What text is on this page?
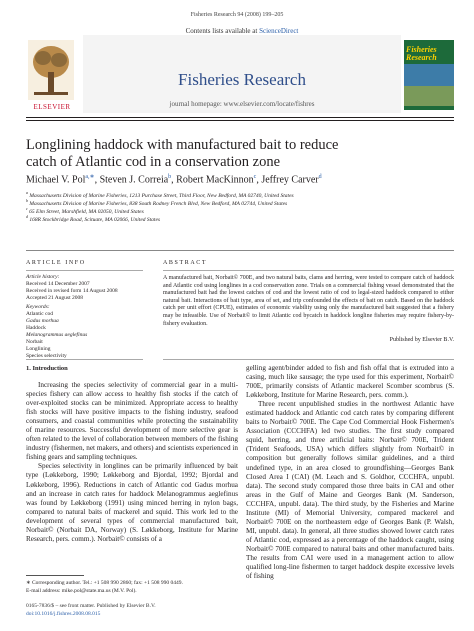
Fisheries Research 94 (2008) 199–205
Contents lists available at ScienceDirect
Fisheries Research
journal homepage: www.elsevier.com/locate/fishres
ELSEVIER
Fisheries Research
Longlining haddock with manufactured bait to reduce catch of Atlantic cod in a conservation zone
Michael V. Pol$^{a,∗}$, Steven J. Correia$^b$, Robert MacKinnon$^c$, Jeffrey Carver$^d$
$^a$ Massachusetts Division of Marine Fisheries, 1213 Purchase Street, Third Floor, New Bedford, MA 02740, United States
$^b$ Massachusetts Division of Marine Fisheries, 838 South Rodney French Blvd, New Bedford, MA 02744, United States
$^c$ 65 Elm Street, Marshfield, MA 02050, United States
$^d$ 168R Stockbridge Road, Scituate, MA 02066, United States
ARTICLE INFO	ABSTRACT
Article history:
Received 14 December 2007
Received in revised form 14 August 2008
Accepted 21 August 2008
Keywords:
Atlantic cod
Gadus morhua
Haddock
Melanogrammus aeglefinus
Norbait
Longlining
Species selectivity
A manufactured bait, Norbait© 700E, and two natural baits, clams and herring, were tested to compare catch of haddock and Atlantic cod using longlines in a cod conservation zone. Trials on a commercial fishing vessel demonstrated that the manufactured bait had the lowest catches of cod and the lowest ratio of cod to legal-sized haddock compared to either natural bait. Interactions of bait type, area of set, and trip confounded the effects of bait on catch. Based on the haddock catch per unit effort (CPUE), estimates of economic viability using only the manufactured bait suggested that a fishery may be infeasible. Use of Norbait© to limit Atlantic cod bycatch in haddock longline fisheries may require fishery-by-fishery evaluation.
Published by Elsevier B.V.
1. Introduction

Increasing the species selectivity of commercial gear in a multi-species fishery can allow access to healthy fish stocks if the catch of over-exploited stocks can be minimized. Appropriate access to healthy fish stocks will have positive impacts to the fishing industry, seafood consumers, and coastal communities while protecting the sustainability of marine resources. Successful development of more selective gear is often related to the level of collaboration between members of the fishing industry (fishermen, net makers, and others) and scientists experienced in fishing gears and sampling techniques.

Species selectivity in longlines can be primarily influenced by bait type (Løkkeborg, 1990; Løkkeborg and Bjordal, 1992; Bjordal and Løkkeborg, 1996). Reductions in catch of Atlantic cod Gadus morhua and an increase in catch rates for haddock Melanogrammus aeglefinus was found by Løkkeborg (1991) using minced herring in nylon bags, compared to natural baits of mackerel and squid. This work led to the development of several types of commercial manufactured bait, Norbait© (Norbait DA, Norway) (S. Løkkeborg, Institute for Marine Research, pers. comm.). Norbait© consists of a

gelling agent/binder added to fish and fish offal that is extruded into a casing, much like sausage; the type used for this experiment, Norbait© 700E, primarily consists of Atlantic mackerel Scomber scombrus (S. Løkkeborg, Institute for Marine Research, pers. comm.).

Three recent unpublished studies in the northwest Atlantic have estimated haddock and Atlantic cod catch rates by comparing different baits to Norbait© 700E. The Cape Cod Commercial Hook Fishermen's Association (CCCHFA) led two studies. The first study compared squid, herring, and three artificial baits: Norbait© 700E, Trident (Trident Seafoods, USA) which differs slightly from Norbait© in composition but generally follows similar guidelines, and a third undefined type, in an area closed to groundfishing—Georges Bank Closed Area I (CAI) (M. Leach and S. Goldhor, CCCHFA, unpubl. data). The second study compared those three baits in CAI and other areas in the Gulf of Maine and Georges Bank (M. Sanderson, CCCHFA, unpubl. data). The third study, by the Fisheries and Marine Institute (MI) of Memorial University, compared mackerel and Norbait© 700E on the northeastern edge of Georges Bank (P. Walsh, MI, unpubl. data). In general, all three studies showed lower catch rates of Atlantic cod, expressed as a percentage of the haddock caught, using Norbait© 700E compared to natural baits and other manufactured baits. The results from CAI were used in a management action to allow qualified long-line fishermen to target haddock despite excessive levels of fishing

∗ Corresponding author. Tel.: +1 508 990 2860; fax: +1 508 990 0449.
E-mail address: mike.pol@state.ma.us (M.V. Pol).
0165-7836/$ – see front matter. Published by Elsevier B.V.
doi:10.1016/j.fishres.2008.08.015
